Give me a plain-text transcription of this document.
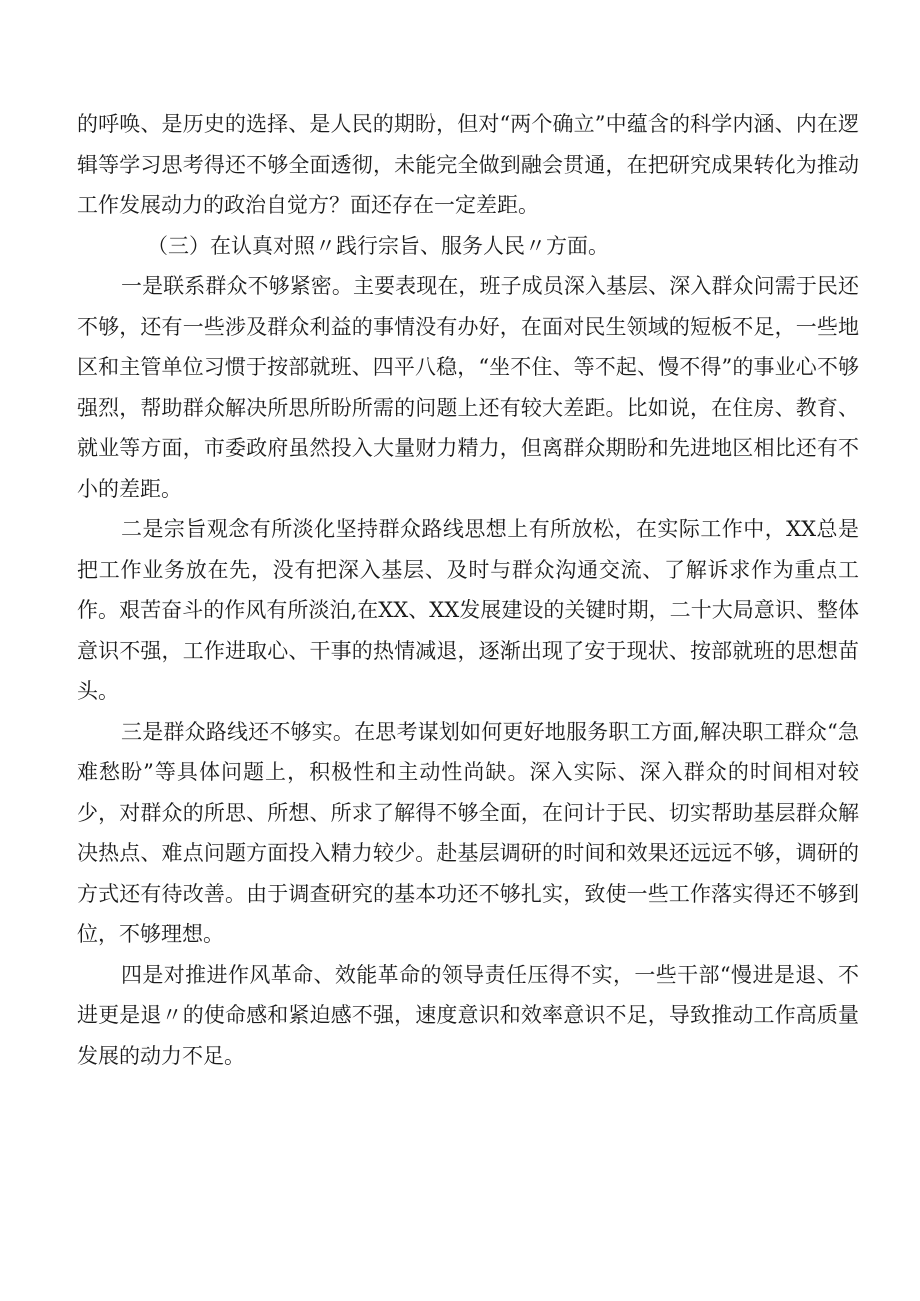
的呼唤、是历史的选择、是人民的期盼，但对“两个确立”中蕴含的科学内涵、内在逻辑等学习思考得还不够全面透彻，未能完全做到融会贯通，在把研究成果转化为推动工作发展动力的政治自觉方？面还存在一定差距。

（三）在认真对照〃践行宗旨、服务人民〃方面。

一是联系群众不够紧密。主要表现在，班子成员深入基层、深入群众问需于民还不够，还有一些涉及群众利益的事情没有办好，在面对民生领域的短板不足，一些地区和主管单位习惯于按部就班、四平八稳，“坐不住、等不起、慢不得”的事业心不够强烈，帮助群众解决所思所盼所需的问题上还有较大差距。比如说，在住房、教育、就业等方面，市委政府虽然投入大量财力精力，但离群众期盼和先进地区相比还有不小的差距。

二是宗旨观念有所淡化坚持群众路线思想上有所放松，在实际工作中，XX总是把工作业务放在先，没有把深入基层、及时与群众沟通交流、了解诉求作为重点工作。艰苦奋斗的作风有所淡泊,在XX、XX发展建设的关键时期，二十大局意识、整体意识不强，工作进取心、干事的热情减退，逐渐出现了安于现状、按部就班的思想苗头。

三是群众路线还不够实。在思考谋划如何更好地服务职工方面,解决职工群众“急难愁盼”等具体问题上，积极性和主动性尚缺。深入实际、深入群众的时间相对较少，对群众的所思、所想、所求了解得不够全面，在问计于民、切实帮助基层群众解决热点、难点问题方面投入精力较少。赴基层调研的时间和效果还远远不够，调研的方式还有待改善。由于调查研究的基本功还不够扎实，致使一些工作落实得还不够到位，不够理想。

四是对推进作风革命、效能革命的领导责任压得不实，一些干部“慢进是退、不进更是退〃的使命感和紧迫感不强，速度意识和效率意识不足，导致推动工作高质量发展的动力不足。
